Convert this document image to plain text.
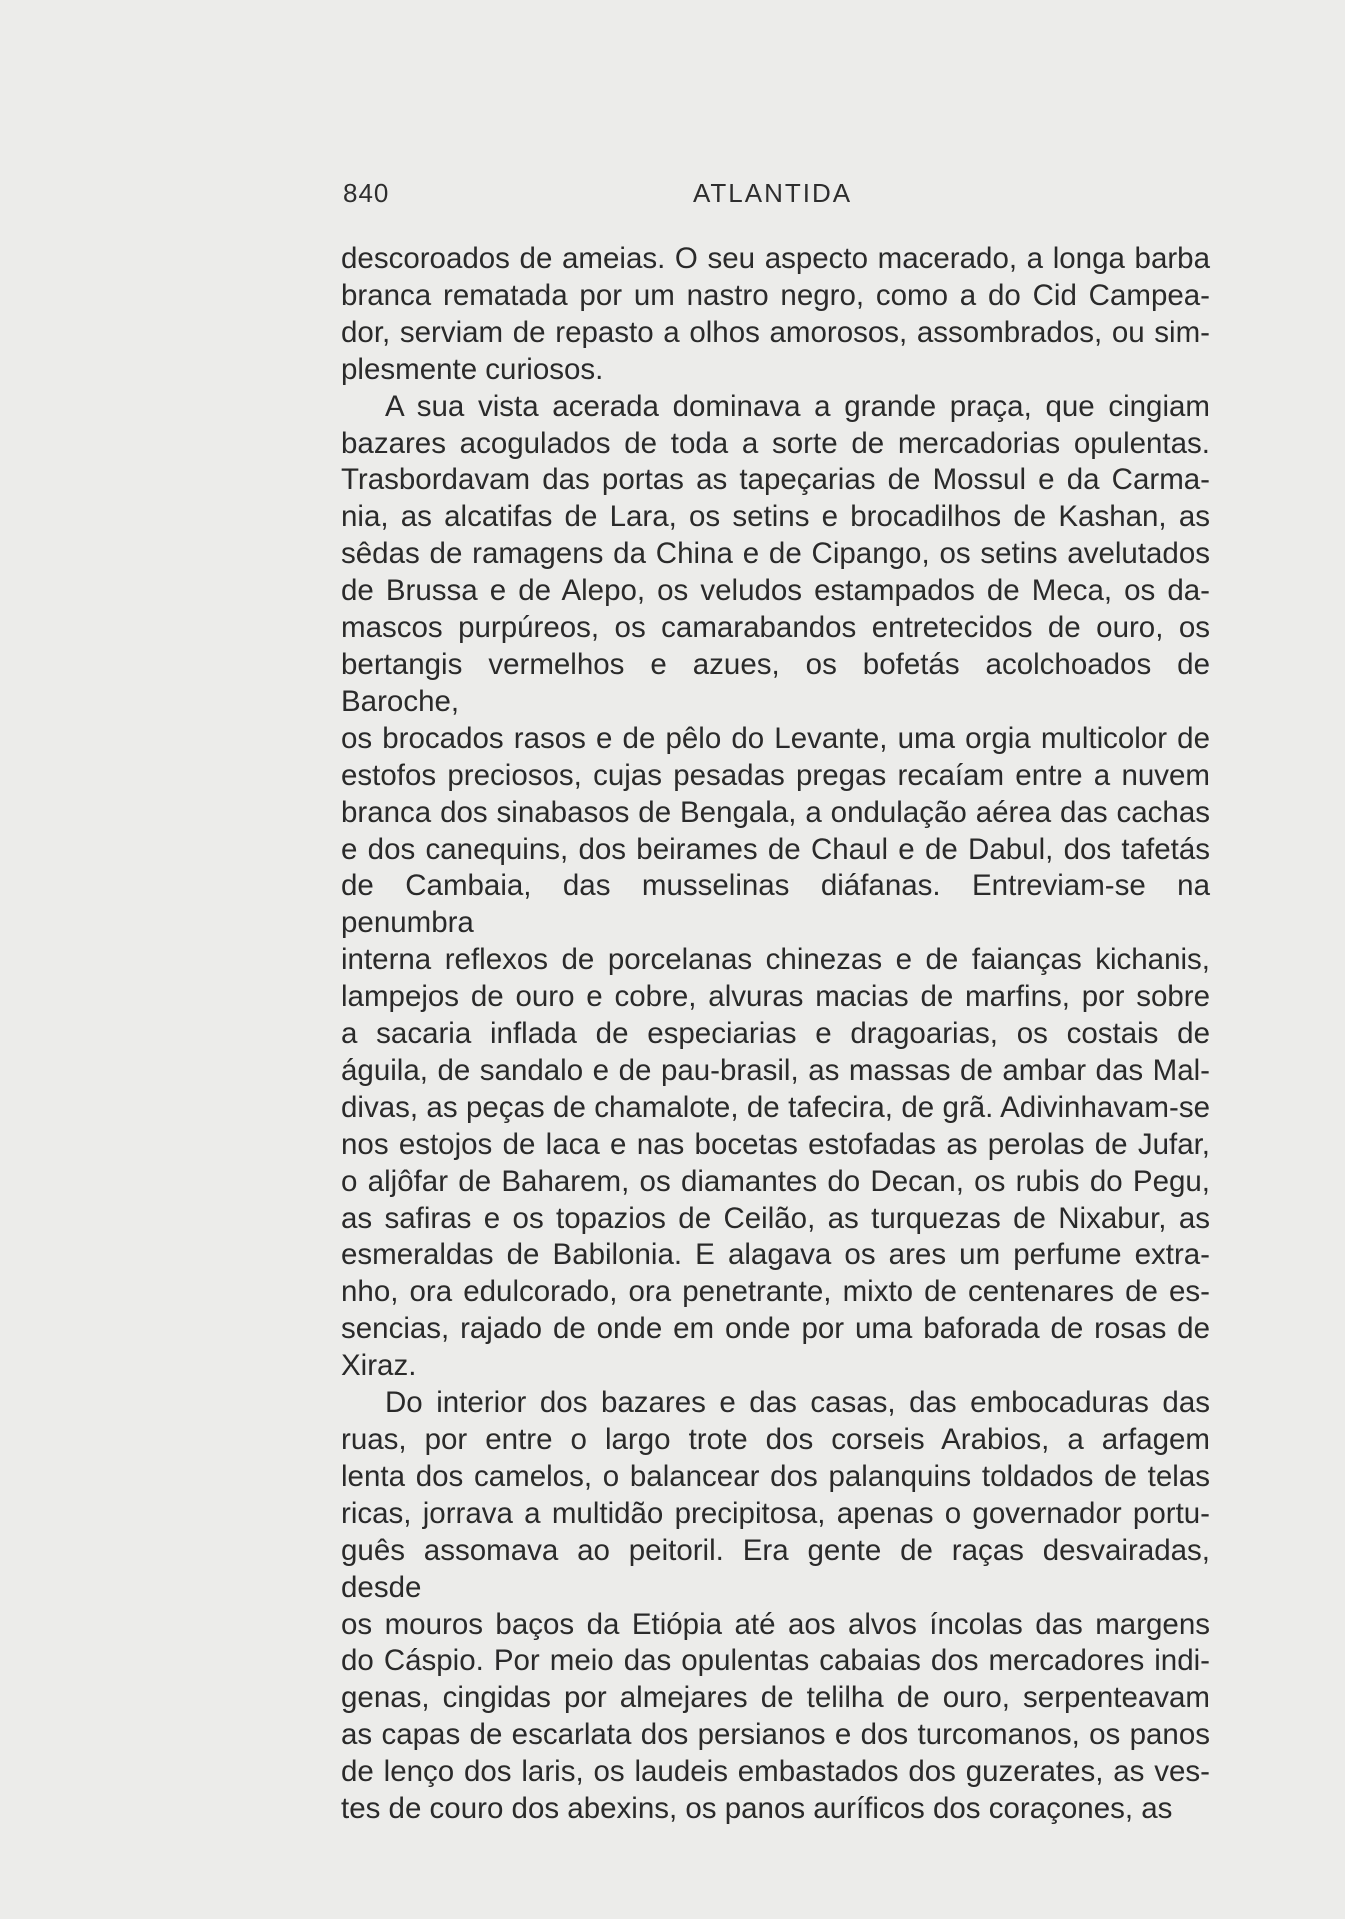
840	ATLANTIDA

descoroados de ameias. O seu aspecto macerado, a longa barba

branca rematada por um nastro negro, como a do Cid Campea-

dor, serviam de repasto a olhos amorosos, assombrados, ou sim-

plesmente curiosos.

A sua vista acerada dominava a grande praça, que cingiam

bazares acogulados de toda a sorte de mercadorias opulentas.

Trasbordavam das portas as tapeçarias de Mossul e da Carma-

nia, as alcatifas de Lara, os setins e brocadilhos de Kashan, as

sêdas de ramagens da China e de Cipango, os setins avelutados

de Brussa e de Alepo, os veludos estampados de Meca, os da-

mascos purpúreos, os camarabandos entretecidos de ouro, os

bertangis vermelhos e azues, os bofetás acolchoados de Baroche,

os brocados rasos e de pêlo do Levante, uma orgia multicolor de

estofos preciosos, cujas pesadas pregas recaíam entre a nuvem

branca dos sinabasos de Bengala, a ondulação aérea das cachas

e dos canequins, dos beirames de Chaul e de Dabul, dos tafetás

de Cambaia, das musselinas diáfanas. Entreviam-se na penumbra

interna reflexos de porcelanas chinezas e de faianças kichanis,

lampejos de ouro e cobre, alvuras macias de marfins, por sobre

a sacaria inflada de especiarias e dragoarias, os costais de

águila, de sandalo e de pau-brasil, as massas de ambar das Mal-

divas, as peças de chamalote, de tafecira, de grã. Adivinhavam-se

nos estojos de laca e nas bocetas estofadas as perolas de Jufar,

o aljôfar de Baharem, os diamantes do Decan, os rubis do Pegu,

as safiras e os topazios de Ceilão, as turquezas de Nixabur, as

esmeraldas de Babilonia. E alagava os ares um perfume extra-

nho, ora edulcorado, ora penetrante, mixto de centenares de es-

sencias, rajado de onde em onde por uma baforada de rosas de

Xiraz.

Do interior dos bazares e das casas, das embocaduras das

ruas, por entre o largo trote dos corseis Arabios, a arfagem

lenta dos camelos, o balancear dos palanquins toldados de telas

ricas, jorrava a multidão precipitosa, apenas o governador portu-

guês assomava ao peitoril. Era gente de raças desvairadas, desde

os mouros baços da Etiópia até aos alvos íncolas das margens

do Cáspio. Por meio das opulentas cabaias dos mercadores indi-

genas, cingidas por almejares de telilha de ouro, serpenteavam

as capas de escarlata dos persianos e dos turcomanos, os panos

de lenço dos laris, os laudeis embastados dos guzerates, as ves-

tes de couro dos abexins, os panos auríficos dos coraçones, as
